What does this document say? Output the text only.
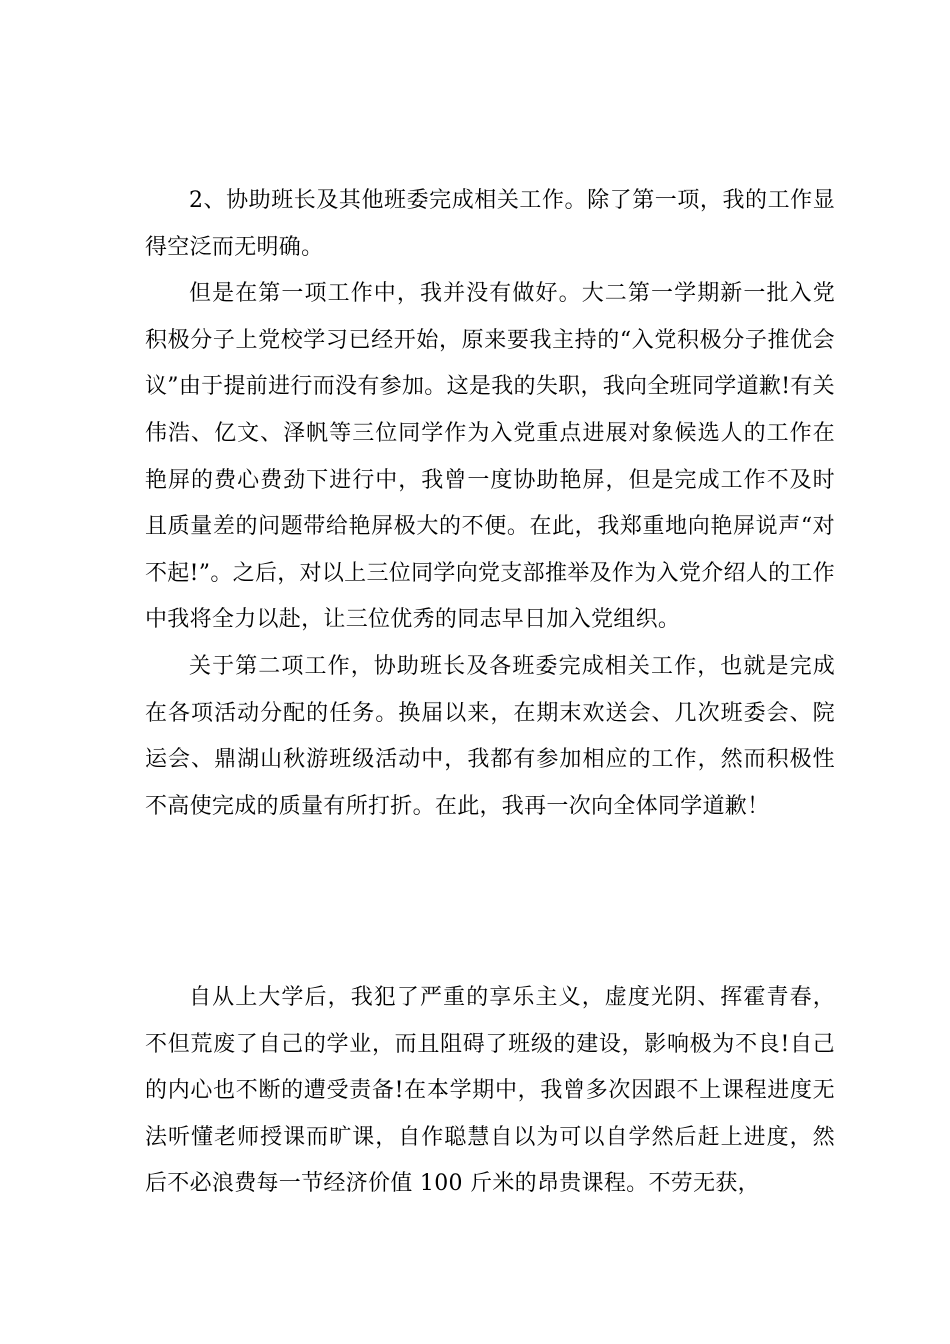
2、协助班长及其他班委完成相关工作。除了第一项，我的工作显得空泛而无明确。

但是在第一项工作中，我并没有做好。大二第一学期新一批入党积极分子上党校学习已经开始，原来要我主持的“入党积极分子推优会议”由于提前进行而没有参加。这是我的失职，我向全班同学道歉!有关伟浩、亿文、泽帆等三位同学作为入党重点进展对象候选人的工作在艳屏的费心费劲下进行中，我曾一度协助艳屏，但是完成工作不及时且质量差的问题带给艳屏极大的不便。在此，我郑重地向艳屏说声“对不起!”。之后，对以上三位同学向党支部推举及作为入党介绍人的工作中我将全力以赴，让三位优秀的同志早日加入党组织。

关于第二项工作，协助班长及各班委完成相关工作，也就是完成在各项活动分配的任务。换届以来，在期末欢送会、几次班委会、院运会、鼎湖山秋游班级活动中，我都有参加相应的工作，然而积极性不高使完成的质量有所打折。在此，我再一次向全体同学道歉！

自从上大学后，我犯了严重的享乐主义，虚度光阴、挥霍青春，不但荒废了自己的学业，而且阻碍了班级的建设，影响极为不良!自己的内心也不断的遭受责备!在本学期中，我曾多次因跟不上课程进度无法听懂老师授课而旷课，自作聪慧自以为可以自学然后赶上进度，然后不必浪费每一节经济价值 100 斤米的昂贵课程。不劳无获，
